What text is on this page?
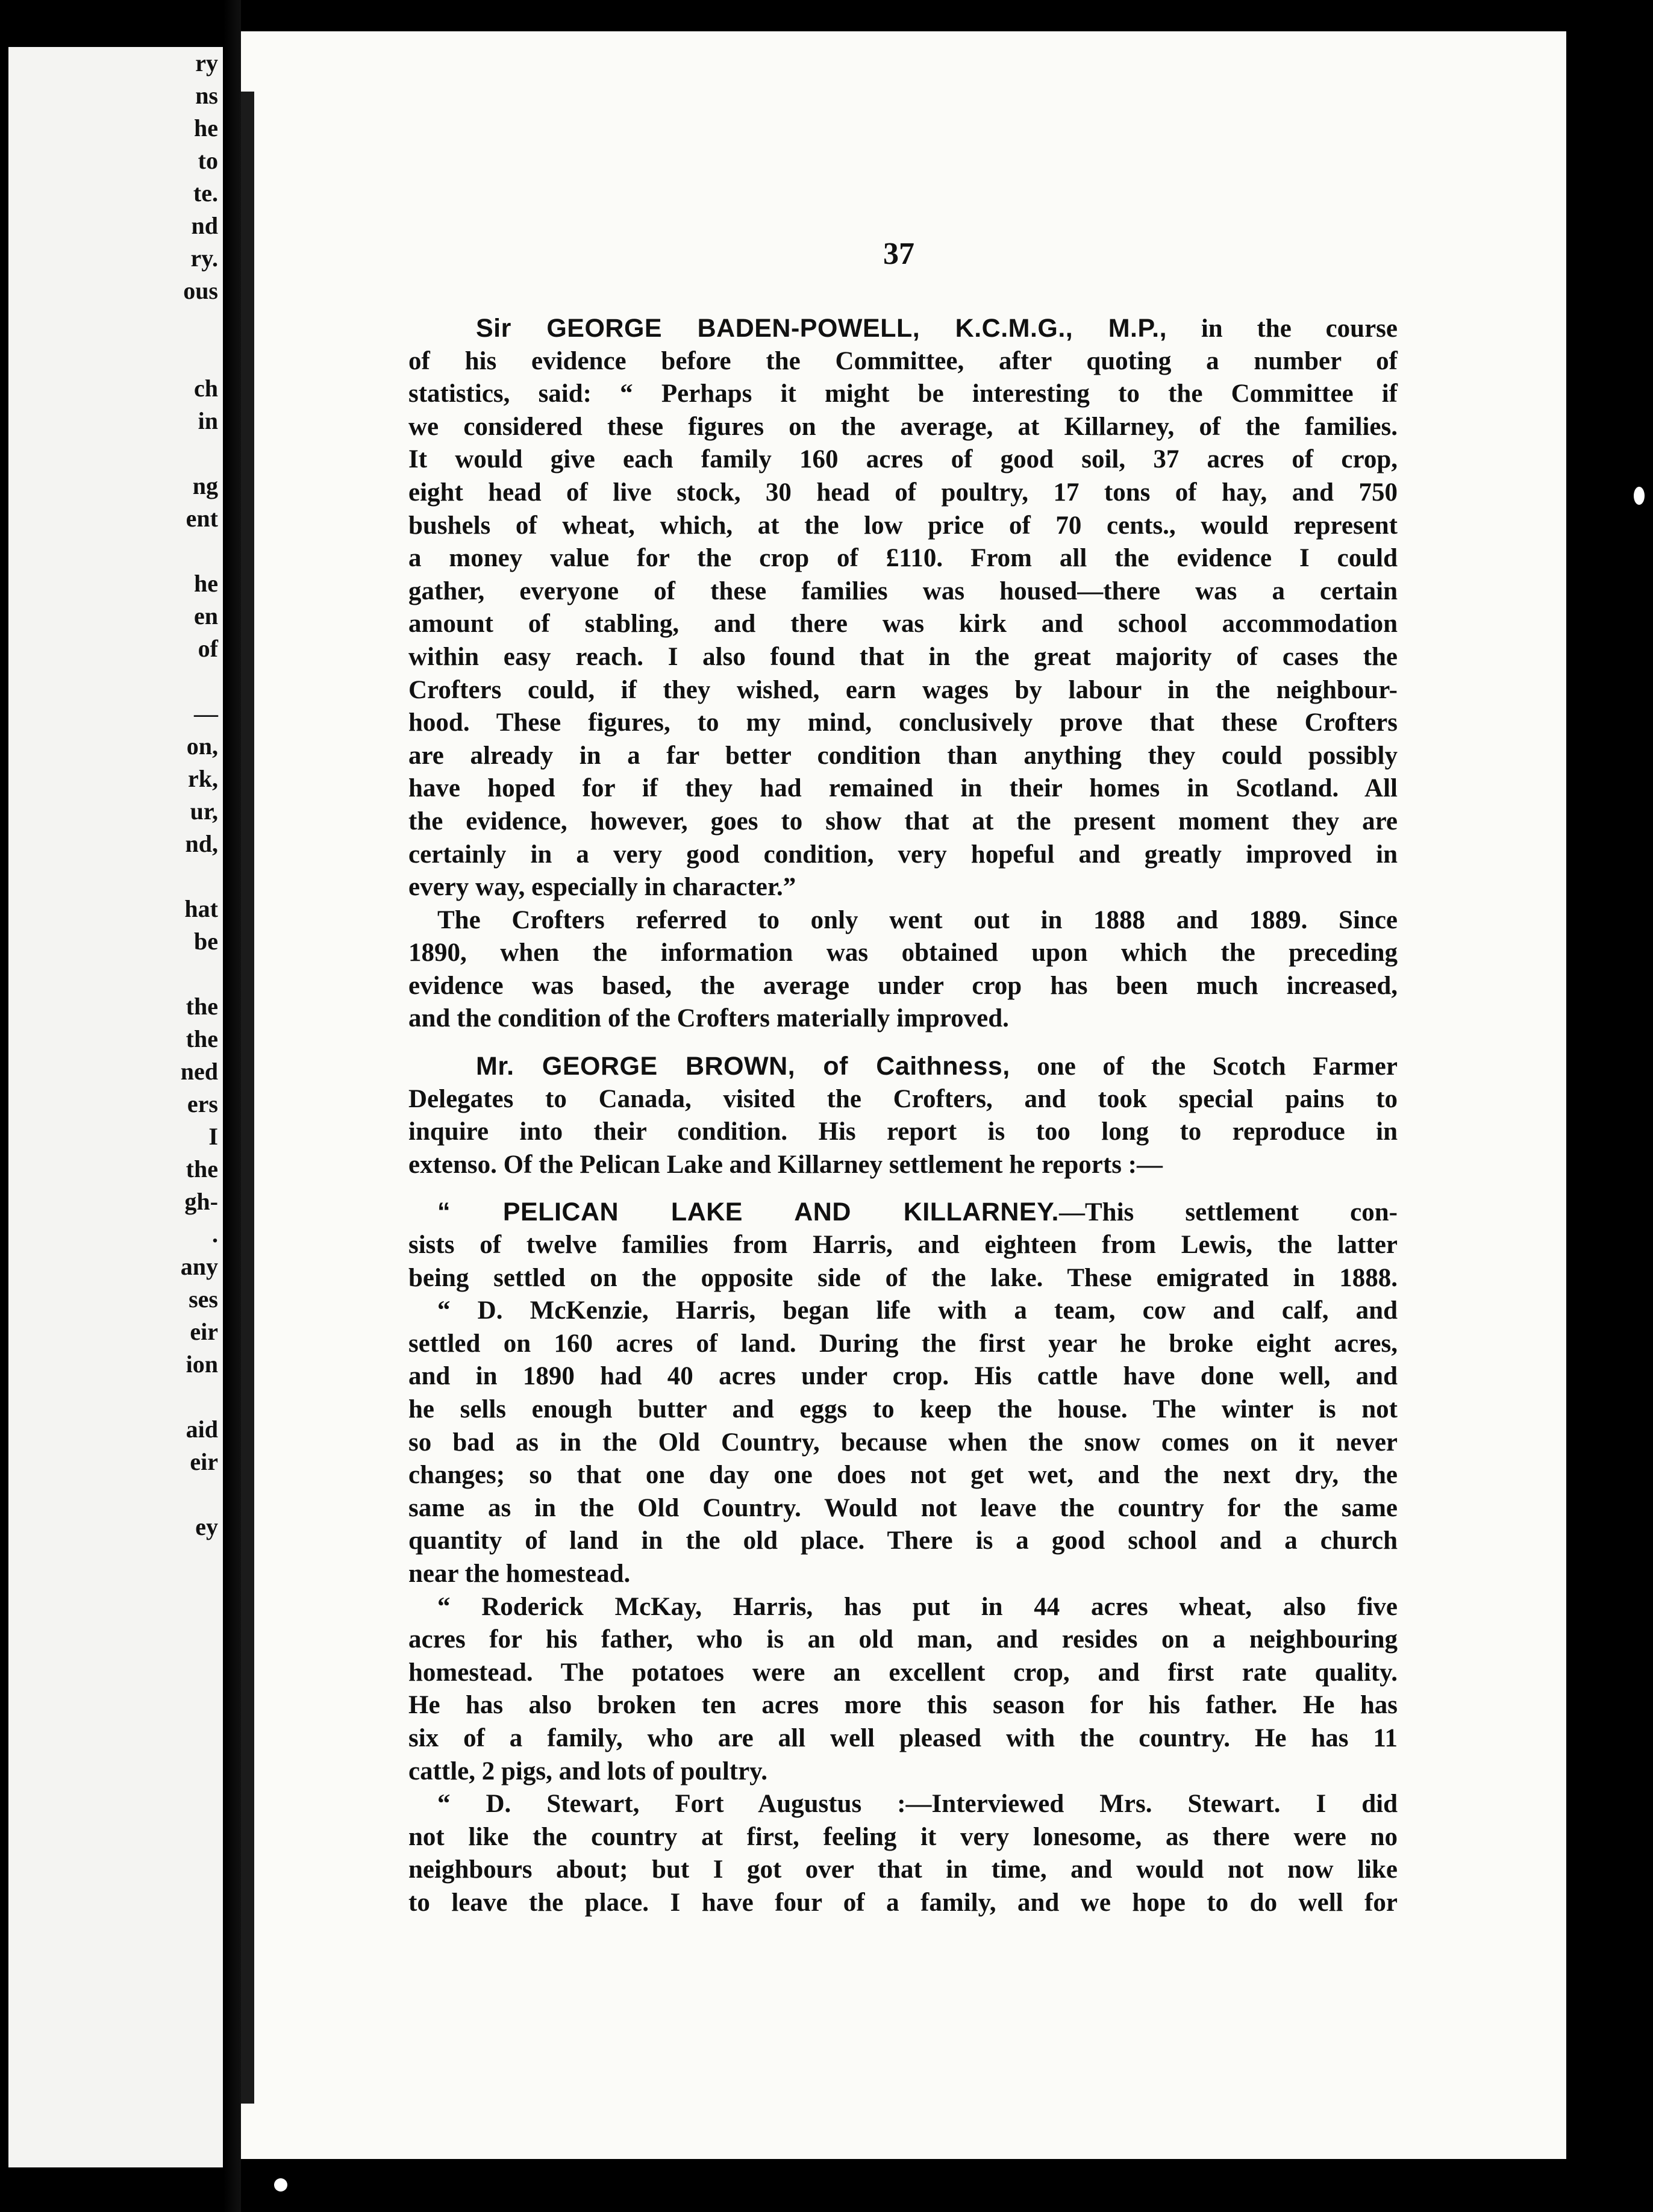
ry
ns
he
to
te.
nd
ry.
ous
ch
in
ng
ent
he
en
of
—
on,
rk,
ur,
nd,
hat
be
the
the
ned
ers
I
the
gh-
.
any
ses
eir
ion
aid
eir
ey
37
Sir GEORGE BADEN-POWELL, K.C.M.G., M.P., in the course
of his evidence before the Committee, after quoting a number of
statistics, said: “ Perhaps it might be interesting to the Committee if
we considered these figures on the average, at Killarney, of the families.
It would give each family 160 acres of good soil, 37 acres of crop,
eight head of live stock, 30 head of poultry, 17 tons of hay, and 750
bushels of wheat, which, at the low price of 70 cents., would represent
a money value for the crop of £110. From all the evidence I could
gather, everyone of these families was housed—there was a certain
amount of stabling, and there was kirk and school accommodation
within easy reach. I also found that in the great majority of cases the
Crofters could, if they wished, earn wages by labour in the neighbour-
hood. These figures, to my mind, conclusively prove that these Crofters
are already in a far better condition than anything they could possibly
have hoped for if they had remained in their homes in Scotland. All
the evidence, however, goes to show that at the present moment they are
certainly in a very good condition, very hopeful and greatly improved in
every way, especially in character.”
The Crofters referred to only went out in 1888 and 1889. Since
1890, when the information was obtained upon which the preceding
evidence was based, the average under crop has been much increased,
and the condition of the Crofters materially improved.
Mr. GEORGE BROWN, of Caithness, one of the Scotch Farmer
Delegates to Canada, visited the Crofters, and took special pains to
inquire into their condition. His report is too long to reproduce in
extenso. Of the Pelican Lake and Killarney settlement he reports :—
“ PELICAN LAKE AND KILLARNEY.—This settlement con-
sists of twelve families from Harris, and eighteen from Lewis, the latter
being settled on the opposite side of the lake. These emigrated in 1888.
“ D. McKenzie, Harris, began life with a team, cow and calf, and
settled on 160 acres of land. During the first year he broke eight acres,
and in 1890 had 40 acres under crop. His cattle have done well, and
he sells enough butter and eggs to keep the house. The winter is not
so bad as in the Old Country, because when the snow comes on it never
changes; so that one day one does not get wet, and the next dry, the
same as in the Old Country. Would not leave the country for the same
quantity of land in the old place. There is a good school and a church
near the homestead.
“ Roderick McKay, Harris, has put in 44 acres wheat, also five
acres for his father, who is an old man, and resides on a neighbouring
homestead. The potatoes were an excellent crop, and first rate quality.
He has also broken ten acres more this season for his father. He has
six of a family, who are all well pleased with the country. He has 11
cattle, 2 pigs, and lots of poultry.
“ D. Stewart, Fort Augustus :—Interviewed Mrs. Stewart. I did
not like the country at first, feeling it very lonesome, as there were no
neighbours about; but I got over that in time, and would not now like
to leave the place. I have four of a family, and we hope to do well for
